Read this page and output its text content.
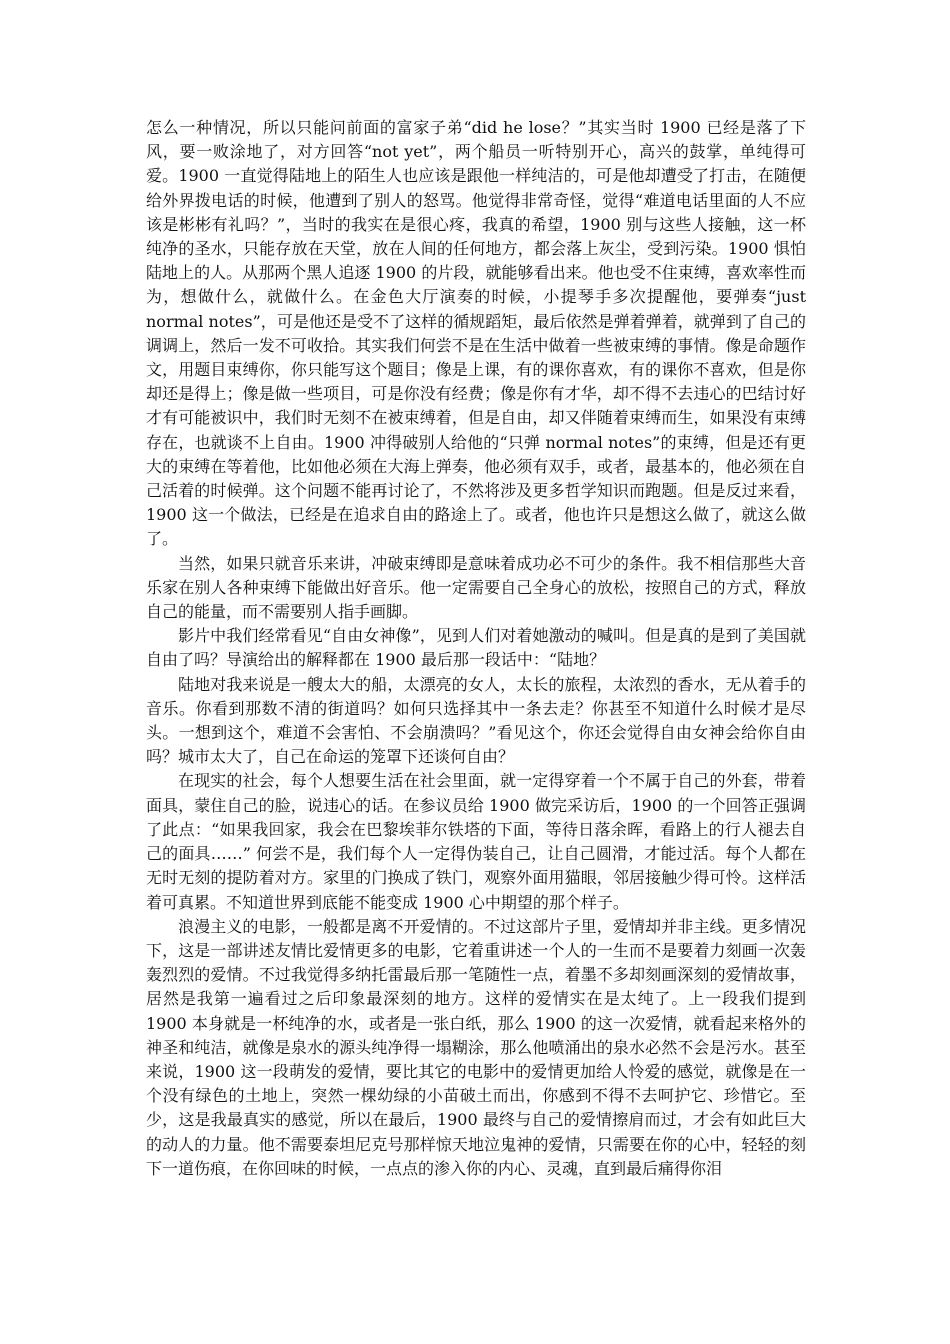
怎么一种情况，所以只能问前面的富家子弟“did he lose？”其实当时 1900 已经是落了下风，要一败涂地了，对方回答“not yet”，两个船员一听特别开心，高兴的鼓掌，单纯得可爱。1900 一直觉得陆地上的陌生人也应该是跟他一样纯洁的，可是他却遭受了打击，在随便给外界拨电话的时候，他遭到了别人的怒骂。他觉得非常奇怪，觉得“难道电话里面的人不应该是彬彬有礼吗？”，当时的我实在是很心疼，我真的希望，1900 别与这些人接触，这一杯纯净的圣水，只能存放在天堂，放在人间的任何地方，都会落上灰尘，受到污染。1900 惧怕陆地上的人。从那两个黑人追逐 1900 的片段，就能够看出来。他也受不住束缚，喜欢率性而为，想做什么，就做什么。在金色大厅演奏的时候，小提琴手多次提醒他，要弹奏“just normal notes”，可是他还是受不了这样的循规蹈矩，最后依然是弹着弹着，就弹到了自己的调调上，然后一发不可收拾。其实我们何尝不是在生活中做着一些被束缚的事情。像是命题作文，用题目束缚你，你只能写这个题目；像是上课，有的课你喜欢，有的课你不喜欢，但是你却还是得上；像是做一些项目，可是你没有经费；像是你有才华，却不得不去违心的巴结讨好才有可能被识中，我们时无刻不在被束缚着，但是自由，却又伴随着束缚而生，如果没有束缚存在，也就谈不上自由。1900 冲得破别人给他的“只弹 normal notes”的束缚，但是还有更大的束缚在等着他，比如他必须在大海上弹奏，他必须有双手，或者，最基本的，他必须在自己活着的时候弹。这个问题不能再讨论了，不然将涉及更多哲学知识而跑题。但是反过来看，1900 这一个做法，已经是在追求自由的路途上了。或者，他也许只是想这么做了，就这么做了。

当然，如果只就音乐来讲，冲破束缚即是意味着成功必不可少的条件。我不相信那些大音乐家在别人各种束缚下能做出好音乐。他一定需要自己全身心的放松，按照自己的方式，释放自己的能量，而不需要别人指手画脚。

影片中我们经常看见“自由女神像”，见到人们对着她激动的喊叫。但是真的是到了美国就自由了吗？导演给出的解释都在 1900 最后那一段话中：“陆地？

陆地对我来说是一艘太大的船，太漂亮的女人，太长的旅程，太浓烈的香水，无从着手的音乐。你看到那数不清的街道吗？如何只选择其中一条去走？你甚至不知道什么时候才是尽头。一想到这个，难道不会害怕、不会崩溃吗？”看见这个，你还会觉得自由女神会给你自由吗？城市太大了，自己在命运的笼罩下还谈何自由？

在现实的社会，每个人想要生活在社会里面，就一定得穿着一个不属于自己的外套，带着面具，蒙住自己的脸，说违心的话。在参议员给 1900 做完采访后，1900 的一个回答正强调了此点：“如果我回家，我会在巴黎埃菲尔铁塔的下面，等待日落余晖，看路上的行人褪去自己的面具……” 何尝不是，我们每个人一定得伪装自己，让自己圆滑，才能过活。每个人都在无时无刻的提防着对方。家里的门换成了铁门，观察外面用猫眼，邻居接触少得可怜。这样活着可真累。不知道世界到底能不能变成 1900 心中期望的那个样子。

浪漫主义的电影，一般都是离不开爱情的。不过这部片子里，爱情却并非主线。更多情况下，这是一部讲述友情比爱情更多的电影，它着重讲述一个人的一生而不是要着力刻画一次轰轰烈烈的爱情。不过我觉得多纳托雷最后那一笔随性一点，着墨不多却刻画深刻的爱情故事，居然是我第一遍看过之后印象最深刻的地方。这样的爱情实在是太纯了。上一段我们提到 1900 本身就是一杯纯净的水，或者是一张白纸，那么 1900 的这一次爱情，就看起来格外的神圣和纯洁，就像是泉水的源头纯净得一塌糊涂，那么他喷涌出的泉水必然不会是污水。甚至来说，1900 这一段萌发的爱情，要比其它的电影中的爱情更加给人怜爱的感觉，就像是在一个没有绿色的土地上，突然一棵幼绿的小苗破土而出，你感到不得不去呵护它、珍惜它。至少，这是我最真实的感觉，所以在最后，1900 最终与自己的爱情擦肩而过，才会有如此巨大的动人的力量。他不需要泰坦尼克号那样惊天地泣鬼神的爱情，只需要在你的心中，轻轻的刻下一道伤痕，在你回味的时候，一点点的渗入你的内心、灵魂，直到最后痛得你泪
